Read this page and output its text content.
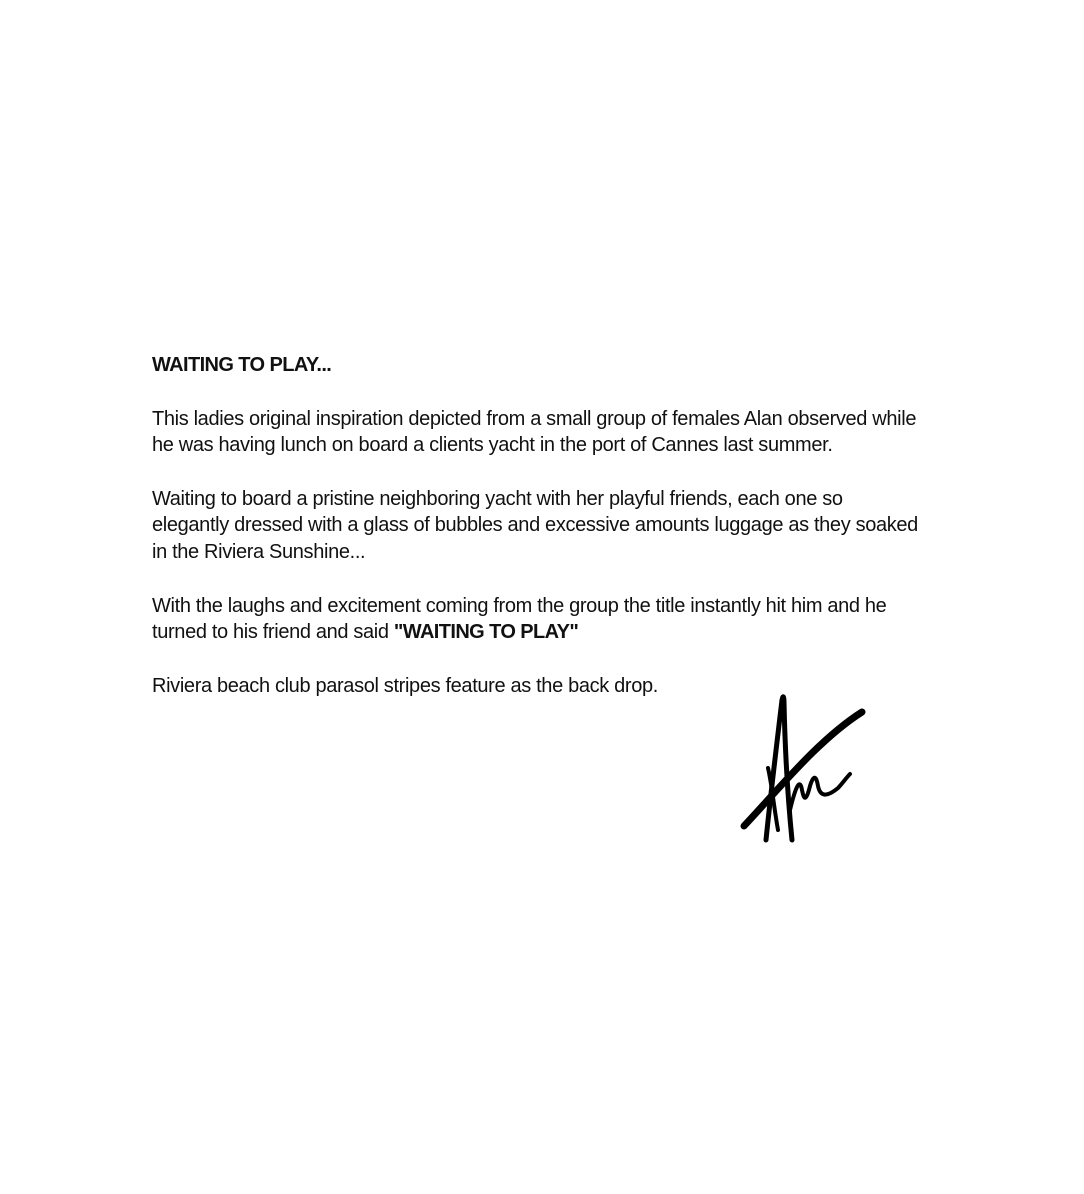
WAITING TO PLAY...

This ladies original inspiration depicted from a small group of females Alan observed while he was having lunch on board a clients yacht in the port of Cannes last summer.

Waiting to board a pristine neighboring yacht with her playful friends, each one so elegantly dressed with a glass of bubbles and excessive amounts luggage as they soaked in the Riviera Sunshine...

With the laughs and excitement coming from the group the title instantly hit him and he turned to his friend and said "WAITING TO PLAY"

Riviera beach club parasol stripes feature as the back drop.
